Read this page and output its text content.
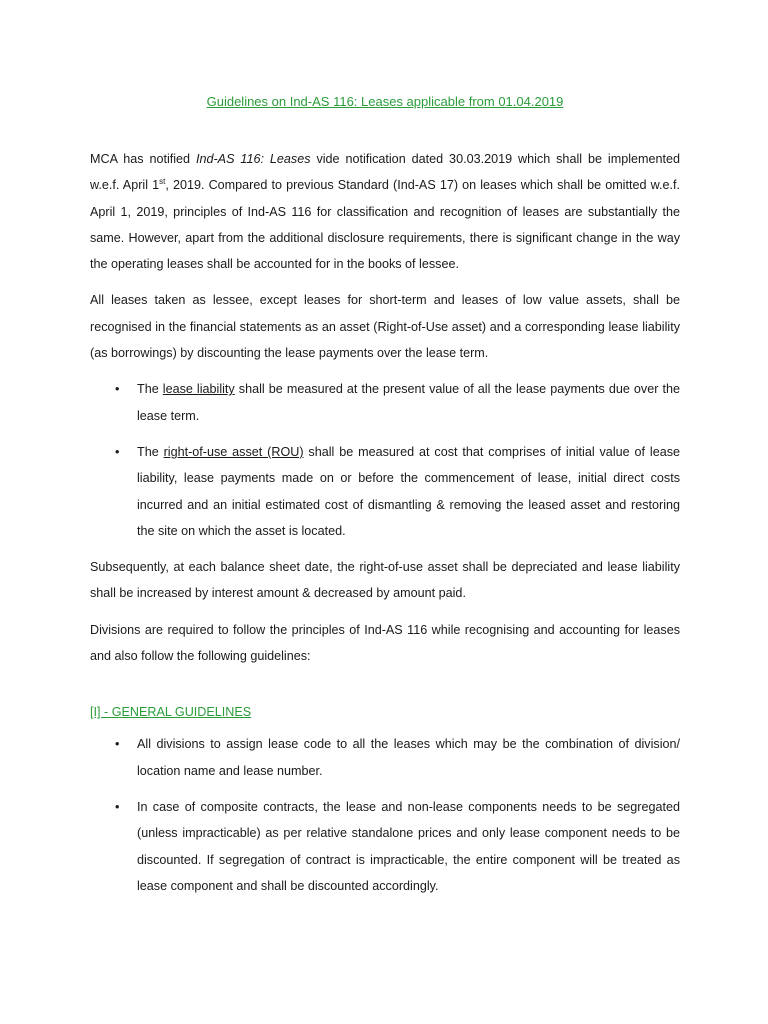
Guidelines on Ind-AS 116: Leases applicable from 01.04.2019

MCA has notified Ind-AS 116: Leases vide notification dated 30.03.2019 which shall be implemented w.e.f. April 1st, 2019. Compared to previous Standard (Ind-AS 17) on leases which shall be omitted w.e.f. April 1, 2019, principles of Ind-AS 116 for classification and recognition of leases are substantially the same. However, apart from the additional disclosure requirements, there is significant change in the way the operating leases shall be accounted for in the books of lessee.

All leases taken as lessee, except leases for short-term and leases of low value assets, shall be recognised in the financial statements as an asset (Right-of-Use asset) and a corresponding lease liability (as borrowings) by discounting the lease payments over the lease term.

• The lease liability shall be measured at the present value of all the lease payments due over the lease term.
• The right-of-use asset (ROU) shall be measured at cost that comprises of initial value of lease liability, lease payments made on or before the commencement of lease, initial direct costs incurred and an initial estimated cost of dismantling & removing the leased asset and restoring the site on which the asset is located.

Subsequently, at each balance sheet date, the right-of-use asset shall be depreciated and lease liability shall be increased by interest amount & decreased by amount paid.

Divisions are required to follow the principles of Ind-AS 116 while recognising and accounting for leases and also follow the following guidelines:

[I] - GENERAL GUIDELINES
• All divisions to assign lease code to all the leases which may be the combination of division/ location name and lease number.
• In case of composite contracts, the lease and non-lease components needs to be segregated (unless impracticable) as per relative standalone prices and only lease component needs to be discounted. If segregation of contract is impracticable, the entire component will be treated as lease component and shall be discounted accordingly.
